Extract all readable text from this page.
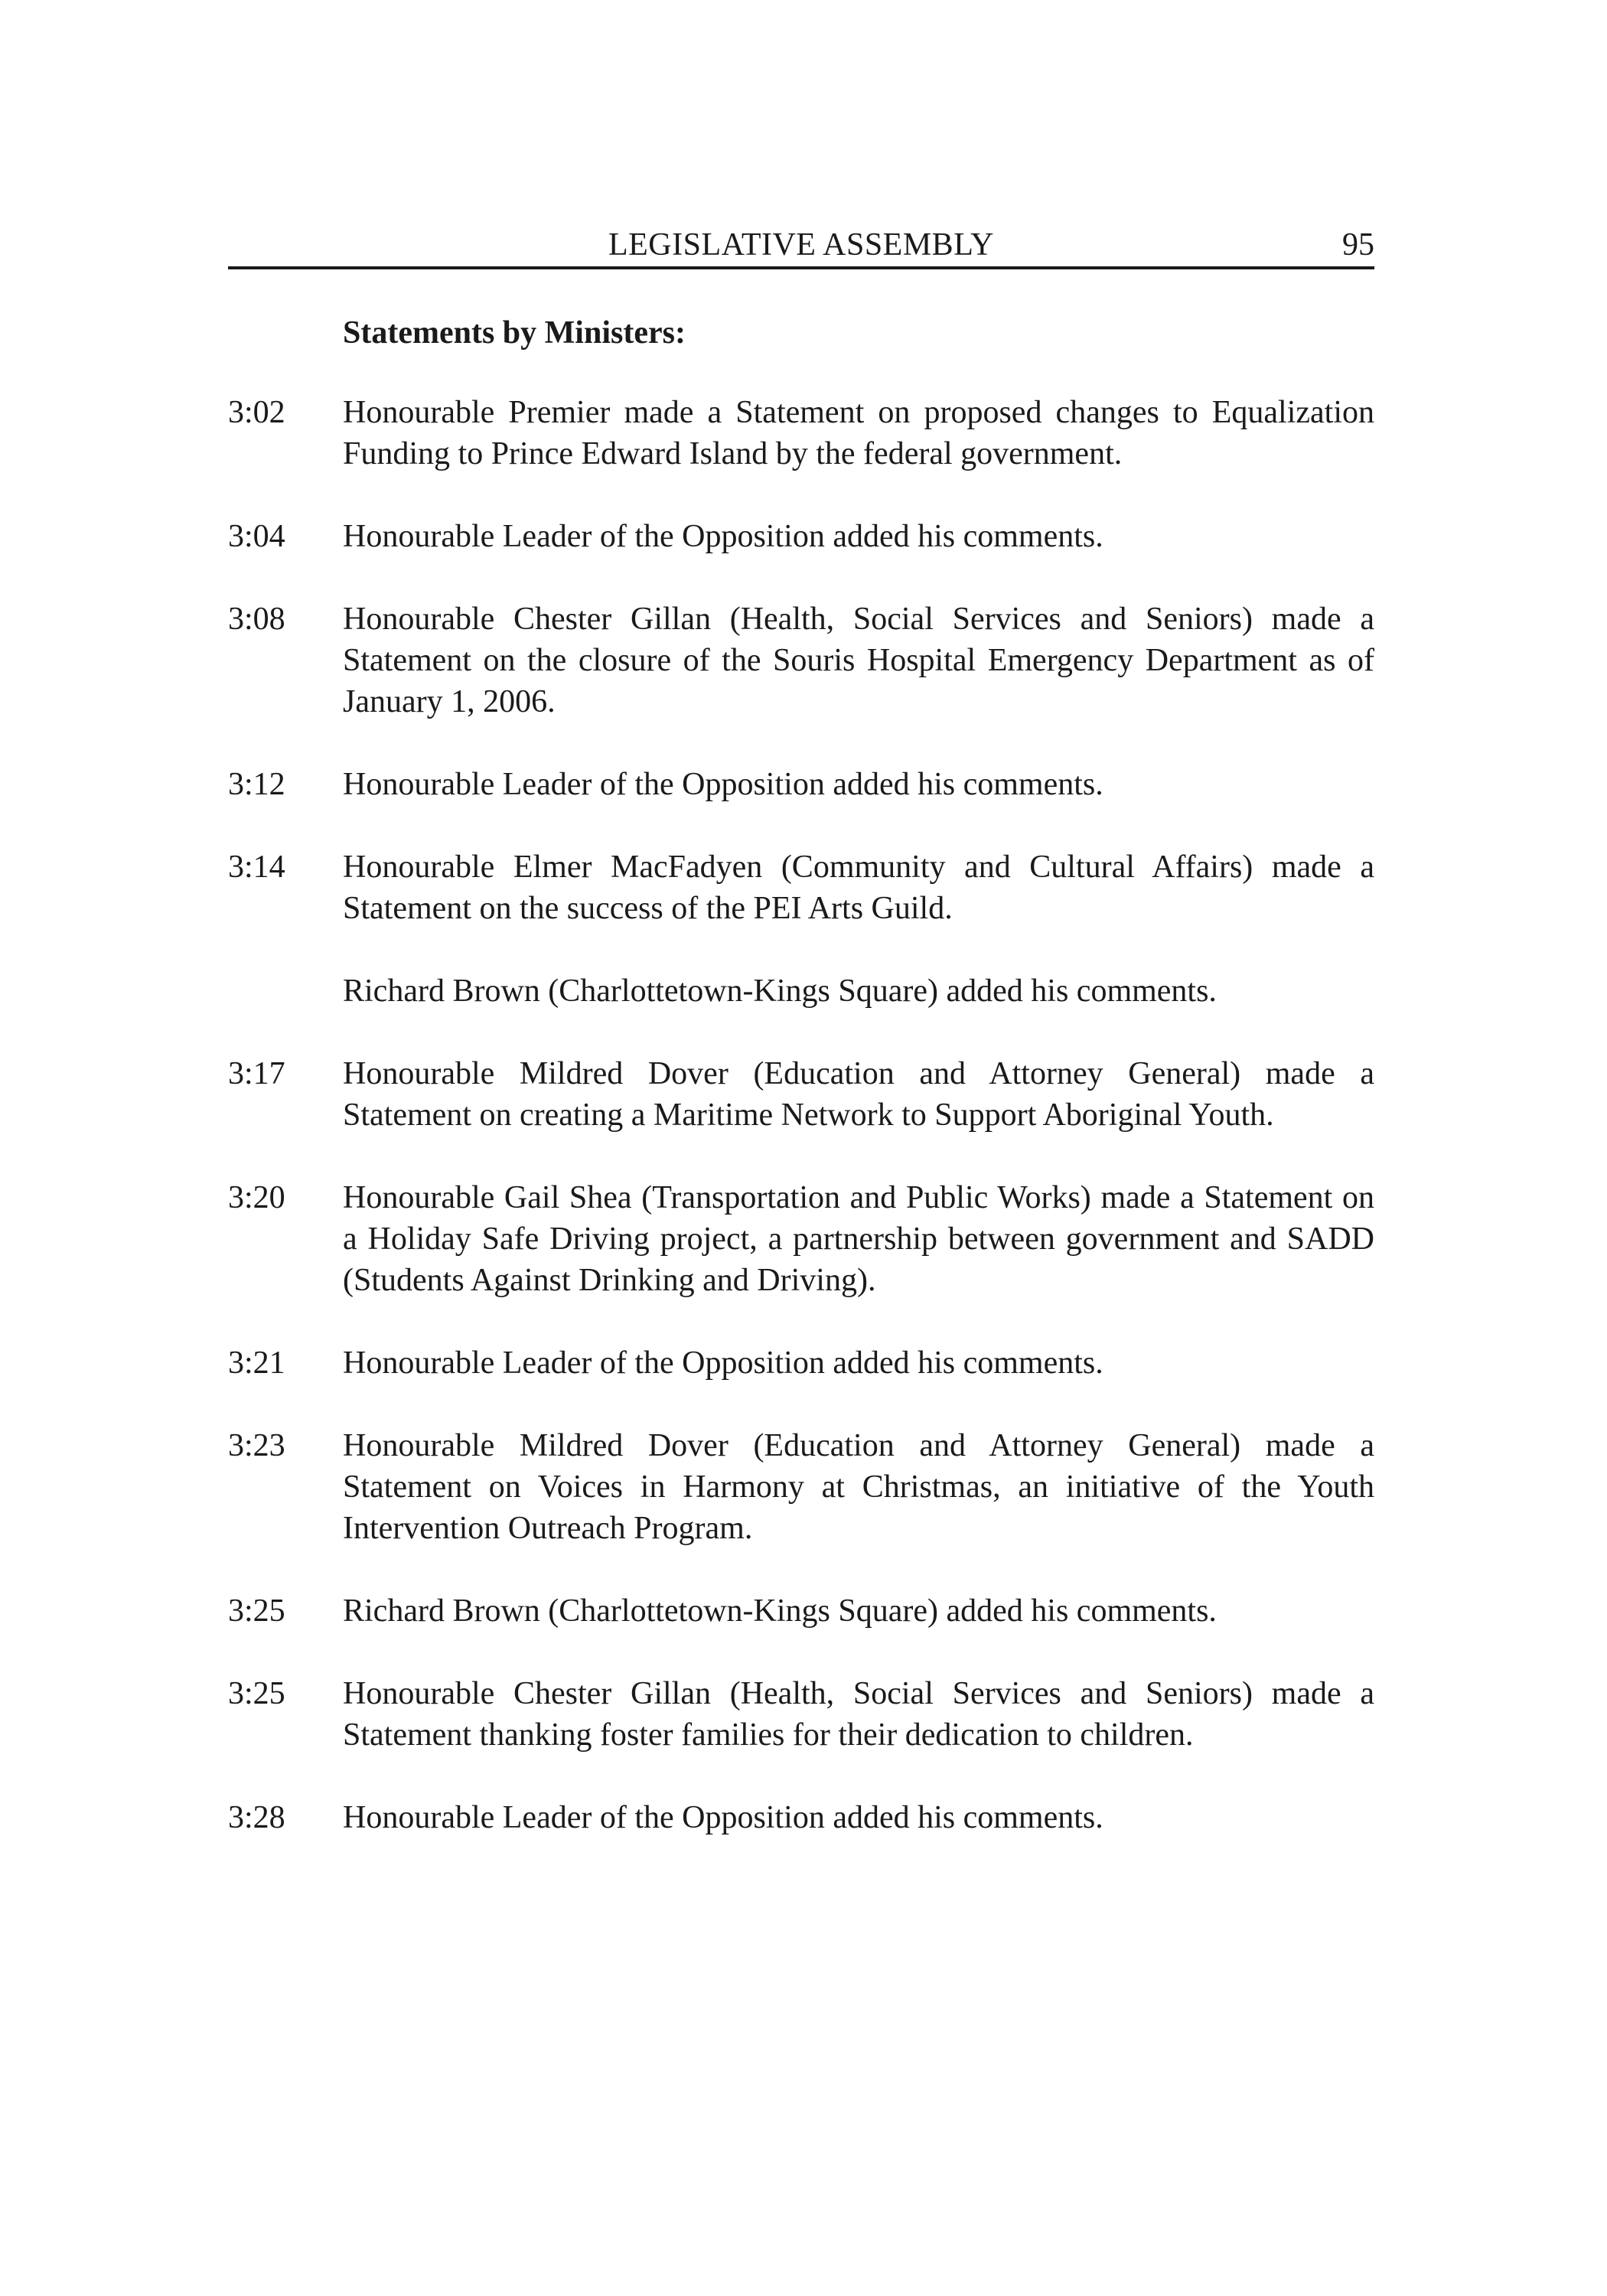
LEGISLATIVE ASSEMBLY	95
Statements by Ministers:
3:02	Honourable Premier made a Statement on proposed changes to Equalization Funding to Prince Edward Island by the federal government.
3:04	Honourable Leader of the Opposition added his comments.
3:08	Honourable Chester Gillan (Health, Social Services and Seniors) made a Statement on the closure of the Souris Hospital Emergency Department as of January 1, 2006.
3:12	Honourable Leader of the Opposition added his comments.
3:14	Honourable Elmer MacFadyen (Community and Cultural Affairs) made a Statement on the success of the PEI Arts Guild.
Richard Brown (Charlottetown-Kings Square) added his comments.
3:17	Honourable Mildred Dover (Education and Attorney General) made a Statement on creating a Maritime Network to Support Aboriginal Youth.
3:20	Honourable Gail Shea (Transportation and Public Works) made a Statement on a Holiday Safe Driving project, a partnership between government and SADD (Students Against Drinking and Driving).
3:21	Honourable Leader of the Opposition added his comments.
3:23	Honourable Mildred Dover (Education and Attorney General) made a Statement on Voices in Harmony at Christmas, an initiative of the Youth Intervention Outreach Program.
3:25	Richard Brown (Charlottetown-Kings Square) added his comments.
3:25	Honourable Chester Gillan (Health, Social Services and Seniors) made a Statement thanking foster families for their dedication to children.
3:28	Honourable Leader of the Opposition added his comments.
